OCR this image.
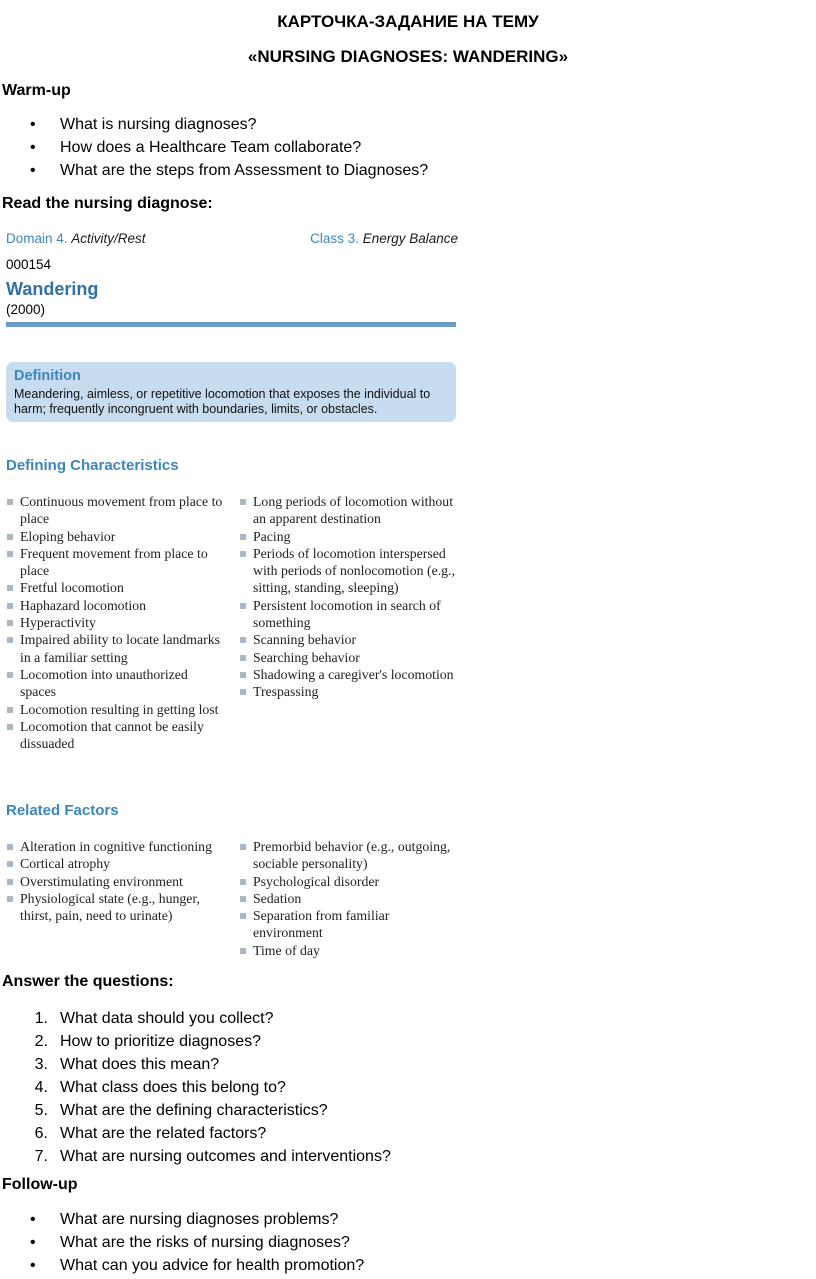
КАРТОЧКА-ЗАДАНИЕ НА ТЕМУ
«NURSING DIAGNOSES: WANDERING»
Warm-up
• What is nursing diagnoses?
• How does a Healthcare Team collaborate?
• What are the steps from Assessment to Diagnoses?
Read the nursing diagnose:
Domain 4. Activity/Rest	Class 3. Energy Balance
000154
Wandering
(2000)
Definition
Meandering, aimless, or repetitive locomotion that exposes the individual to harm; frequently incongruent with boundaries, limits, or obstacles.
Defining Characteristics
Continuous movement from place to place
Eloping behavior
Frequent movement from place to place
Fretful locomotion
Haphazard locomotion
Hyperactivity
Impaired ability to locate landmarks in a familiar setting
Locomotion into unauthorized spaces
Locomotion resulting in getting lost
Locomotion that cannot be easily dissuaded
Long periods of locomotion without an apparent destination
Pacing
Periods of locomotion interspersed with periods of nonlocomotion (e.g., sitting, standing, sleeping)
Persistent locomotion in search of something
Scanning behavior
Searching behavior
Shadowing a caregiver's locomotion
Trespassing
Related Factors
Alteration in cognitive functioning
Cortical atrophy
Overstimulating environment
Physiological state (e.g., hunger, thirst, pain, need to urinate)
Premorbid behavior (e.g., outgoing, sociable personality)
Psychological disorder
Sedation
Separation from familiar environment
Time of day
Answer the questions:
1. What data should you collect?
2. How to prioritize diagnoses?
3. What does this mean?
4. What class does this belong to?
5. What are the defining characteristics?
6. What are the related factors?
7. What are nursing outcomes and interventions?
Follow-up
• What are nursing diagnoses problems?
• What are the risks of nursing diagnoses?
• What can you advice for health promotion?
